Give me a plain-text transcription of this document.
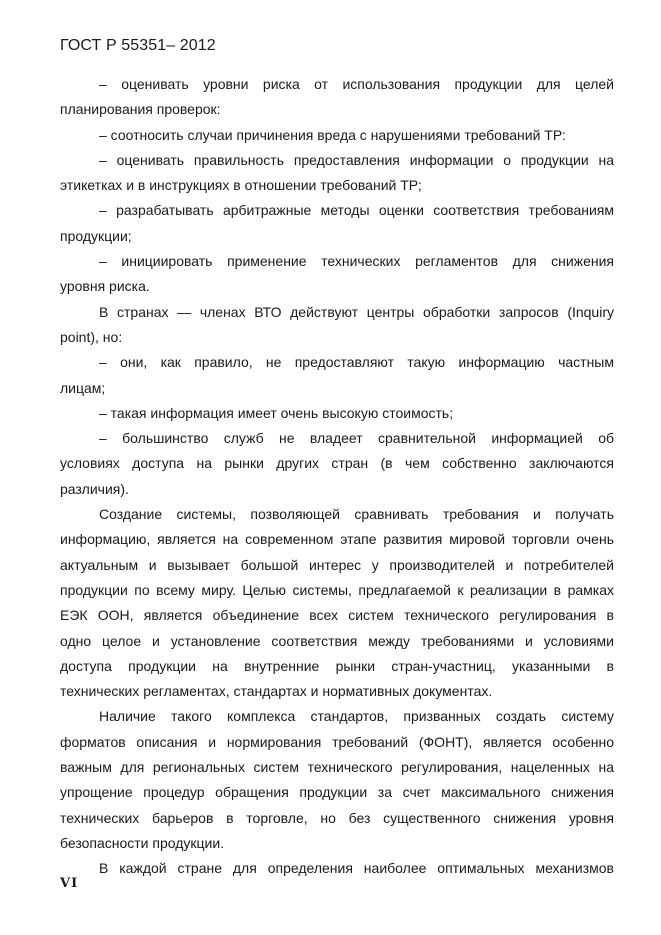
ГОСТ Р 55351– 2012
– оценивать уровни риска от использования продукции для целей
планирования проверок:
– соотносить случаи причинения вреда с нарушениями требований ТР:
– оценивать правильность предоставления информации о продукции на
этикетках и в инструкциях в отношении требований ТР;
– разрабатывать арбитражные методы оценки соответствия требованиям
продукции;
– инициировать применение технических регламентов для снижения
уровня риска.
В странах — членах ВТО действуют центры обработки запросов (Inquiry
point), но:
– они, как правило, не предоставляют такую информацию частным
лицам;
– такая информация имеет очень высокую стоимость;
– большинство служб не владеет сравнительной информацией об
условиях доступа на рынки других стран (в чем собственно заключаются
различия).
Cоздание системы, позволяющей сравнивать требования и получать
информацию, является на современном этапе развития мировой торговли очень
актуальным и вызывает большой интерес у производителей и потребителей
продукции по всему миру. Целью системы, предлагаемой к реализации в рамках
ЕЭК ООН, является объединение всех систем технического регулирования в
одно целое и установление соответствия между требованиями и условиями
доступа продукции на внутренние рынки стран-участниц, указанными в
технических регламентах, стандартах и нормативных документах.
Наличие такого комплекса стандартов, призванных создать систему
форматов описания и нормирования требований (ФОНТ), является особенно
важным для региональных систем технического регулирования, нацеленных на
упрощение процедур обращения продукции за счет максимального снижения
технических барьеров в торговле, но без существенного снижения уровня
безопасности продукции.
В каждой стране для определения наиболее оптимальных механизмов
VI
